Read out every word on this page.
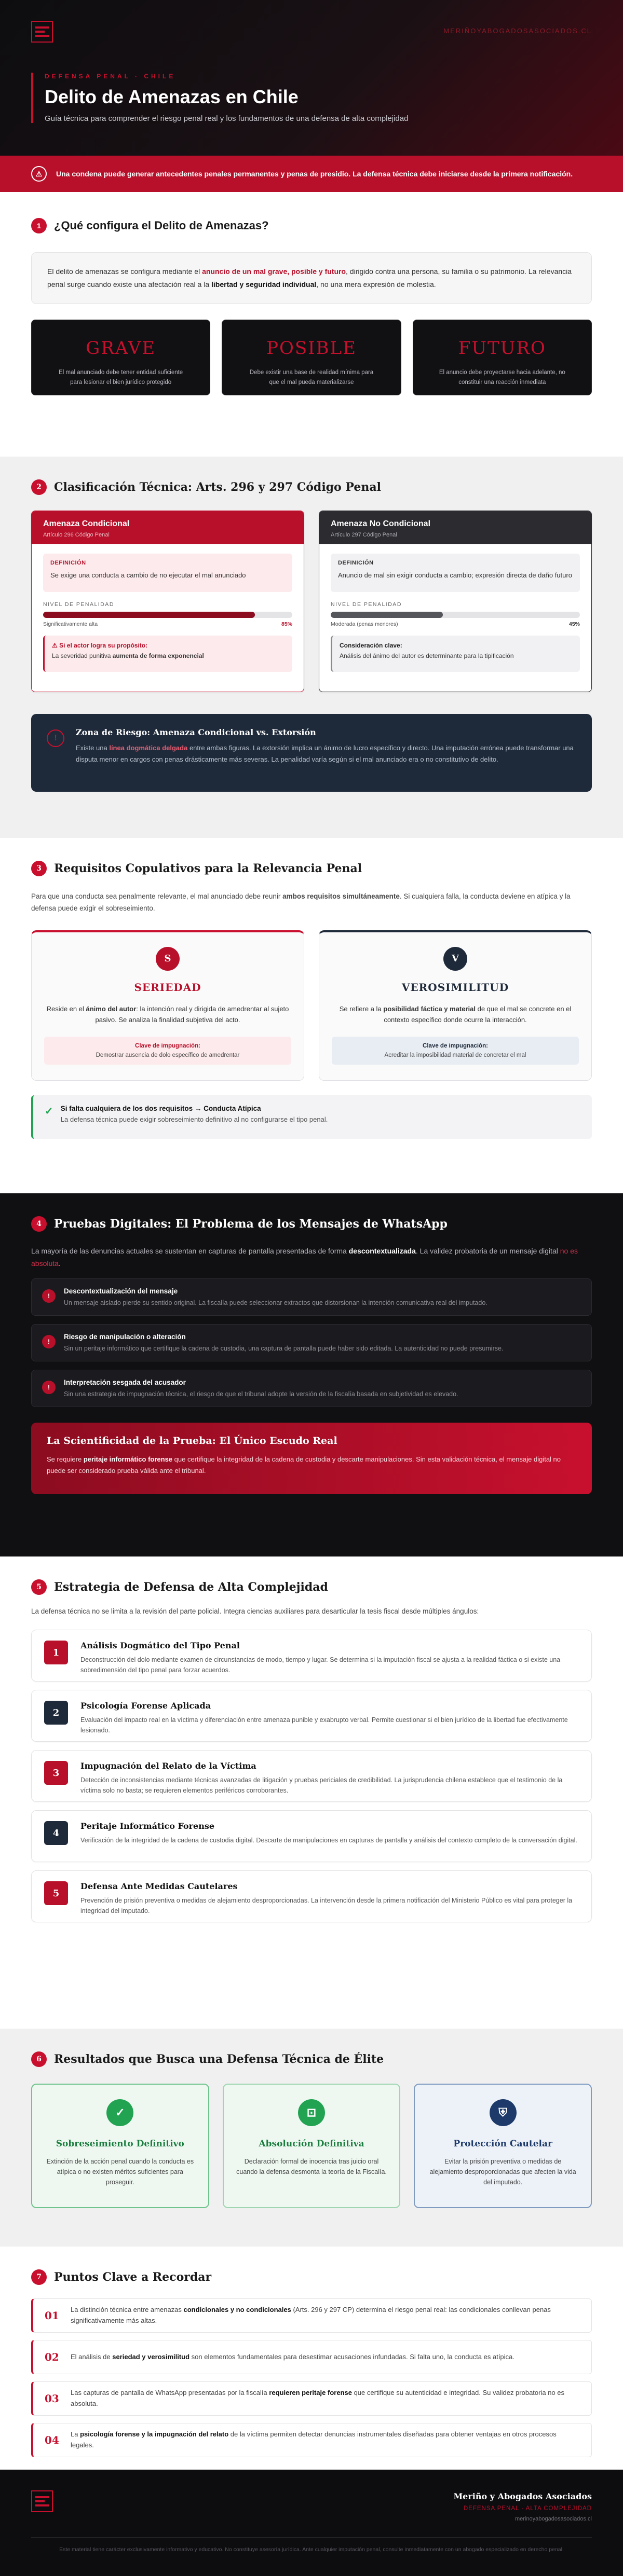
MERIÑOYABOGADOSASOCIADOS.CL
DEFENSA PENAL · CHILE
Delito de Amenazas en Chile
Guía técnica para comprender el riesgo penal real y los fundamentos de una defensa de alta complejidad
⚠	Una condena puede generar antecedentes penales permanentes y penas de presidio. La defensa técnica debe iniciarse desde la primera notificación.

1	¿Qué configura el Delito de Amenazas?
El delito de amenazas se configura mediante el anuncio de un mal grave, posible y futuro, dirigido contra una persona, su familia o su patrimonio. La relevancia penal surge cuando existe una afectación real a la libertad y seguridad individual, no una mera expresión de molestia.
GRAVE

El mal anunciado debe tener entidad suficiente para lesionar el bien jurídico protegido

POSIBLE

Debe existir una base de realidad mínima para que el mal pueda materializarse

FUTURO

El anuncio debe proyectarse hacia adelante, no constituir una reacción inmediata

2	Clasificación Técnica: Arts. 296 y 297 Código Penal
Amenaza Condicional
Artículo 296 Código Penal
DEFINICIÓN

Se exige una conducta a cambio de no ejecutar el mal anunciado

NIVEL DE PENALIDAD
Significativamente alta	85%
⚠ Si el actor logra su propósito:

La severidad punitiva aumenta de forma exponencial

Amenaza No Condicional
Artículo 297 Código Penal
DEFINICIÓN

Anuncio de mal sin exigir conducta a cambio; expresión directa de daño futuro

NIVEL DE PENALIDAD
Moderada (penas menores)	45%
Consideración clave:

Análisis del ánimo del autor es determinante para la tipificación

!
Zona de Riesgo: Amenaza Condicional vs. Extorsión

Existe una línea dogmática delgada entre ambas figuras. La extorsión implica un ánimo de lucro específico y directo. Una imputación errónea puede transformar una disputa menor en cargos con penas drásticamente más severas. La penalidad varía según si el mal anunciado era o no constitutivo de delito.

3	Requisitos Copulativos para la Relevancia Penal

Para que una conducta sea penalmente relevante, el mal anunciado debe reunir ambos requisitos simultáneamente. Si cualquiera falla, la conducta deviene en atípica y la defensa puede exigir el sobreseimiento.

S
SERIEDAD

Reside en el ánimo del autor: la intención real y dirigida de amedrentar al sujeto pasivo. Se analiza la finalidad subjetiva del acto.

Clave de impugnación:

Demostrar ausencia de dolo específico de amedrentar

V
VEROSIMILITUD

Se refiere a la posibilidad fáctica y material de que el mal se concrete en el contexto específico donde ocurre la interacción.

Clave de impugnación:

Acreditar la imposibilidad material de concretar el mal

✓ Si falta cualquiera de los dos requisitos → Conducta Atípica

La defensa técnica puede exigir sobreseimiento definitivo al no configurarse el tipo penal.

4	Pruebas Digitales: El Problema de los Mensajes de WhatsApp

La mayoría de las denuncias actuales se sustentan en capturas de pantalla presentadas de forma descontextualizada. La validez probatoria de un mensaje digital no es absoluta.

!
Descontextualización del mensaje

Un mensaje aislado pierde su sentido original. La fiscalía puede seleccionar extractos que distorsionan la intención comunicativa real del imputado.

!
Riesgo de manipulación o alteración

Sin un peritaje informático que certifique la cadena de custodia, una captura de pantalla puede haber sido editada. La autenticidad no puede presumirse.

!
Interpretación sesgada del acusador

Sin una estrategia de impugnación técnica, el riesgo de que el tribunal adopte la versión de la fiscalía basada en subjetividad es elevado.

La Scientificidad de la Prueba: El Único Escudo Real

Se requiere peritaje informático forense que certifique la integridad de la cadena de custodia y descarte manipulaciones. Sin esta validación técnica, el mensaje digital no puede ser considerado prueba válida ante el tribunal.

5	Estrategia de Defensa de Alta Complejidad

La defensa técnica no se limita a la revisión del parte policial. Integra ciencias auxiliares para desarticular la tesis fiscal desde múltiples ángulos:

1
Análisis Dogmático del Tipo Penal

Deconstrucción del dolo mediante examen de circunstancias de modo, tiempo y lugar. Se determina si la imputación fiscal se ajusta a la realidad fáctica o si existe una sobredimensión del tipo penal para forzar acuerdos.

2
Psicología Forense Aplicada

Evaluación del impacto real en la víctima y diferenciación entre amenaza punible y exabrupto verbal. Permite cuestionar si el bien jurídico de la libertad fue efectivamente lesionado.

3
Impugnación del Relato de la Víctima

Detección de inconsistencias mediante técnicas avanzadas de litigación y pruebas periciales de credibilidad. La jurisprudencia chilena establece que el testimonio de la víctima solo no basta; se requieren elementos periféricos corroborantes.

4
Peritaje Informático Forense

Verificación de la integridad de la cadena de custodia digital. Descarte de manipulaciones en capturas de pantalla y análisis del contexto completo de la conversación digital.

5
Defensa Ante Medidas Cautelares

Prevención de prisión preventiva o medidas de alejamiento desproporcionadas. La intervención desde la primera notificación del Ministerio Público es vital para proteger la integridad del imputado.

6	Resultados que Busca una Defensa Técnica de Élite
✓
Sobreseimiento Definitivo

Extinción de la acción penal cuando la conducta es atípica o no existen méritos suficientes para proseguir.

⊡
Absolución Definitiva

Declaración formal de inocencia tras juicio oral cuando la defensa desmonta la teoría de la Fiscalía.

⛨
Protección Cautelar

Evitar la prisión preventiva o medidas de alejamiento desproporcionadas que afecten la vida del imputado.

7	Puntos Clave a Recordar
01 La distinción técnica entre amenazas condicionales y no condicionales (Arts. 296 y 297 CP) determina el riesgo penal real: las condicionales conllevan penas significativamente más altas.

02 El análisis de seriedad y verosimilitud son elementos fundamentales para desestimar acusaciones infundadas. Si falta uno, la conducta es atípica.

03 Las capturas de pantalla de WhatsApp presentadas por la fiscalía requieren peritaje forense que certifique su autenticidad e integridad. Su validez probatoria no es absoluta.

04 La psicología forense y la impugnación del relato de la víctima permiten detectar denuncias instrumentales diseñadas para obtener ventajas en otros procesos legales.

Meriño y Abogados Asociados
DEFENSA PENAL · ALTA COMPLEJIDAD
merinoyabogadosasociados.cl

Este material tiene carácter exclusivamente informativo y educativo. No constituye asesoría jurídica. Ante cualquier imputación penal, consulte inmediatamente con un abogado especializado en derecho penal.
